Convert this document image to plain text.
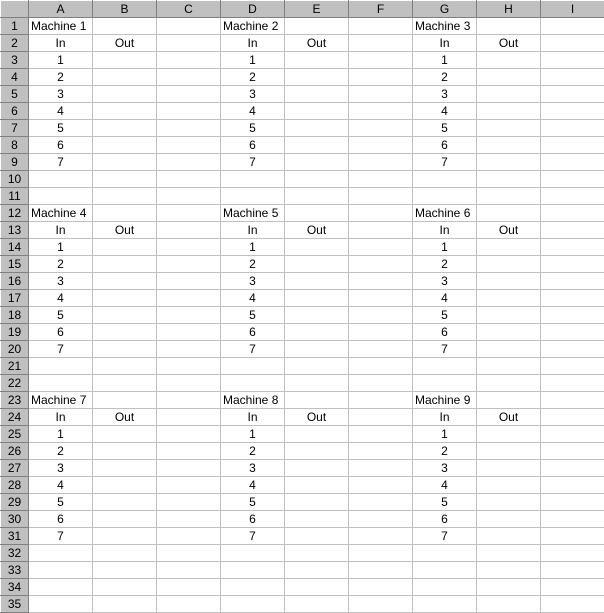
	A	B	C	D	E	F	G	H	I
1	Machine 1			Machine 2			Machine 3		
2	In	Out		In	Out		In	Out	
3	1			1			1		
4	2			2			2		
5	3			3			3		
6	4			4			4		
7	5			5			5		
8	6			6			6		
9	7			7			7		
10									
11									
12	Machine 4			Machine 5			Machine 6		
13	In	Out		In	Out		In	Out	
14	1			1			1		
15	2			2			2		
16	3			3			3		
17	4			4			4		
18	5			5			5		
19	6			6			6		
20	7			7			7		
21									
22									
23	Machine 7			Machine 8			Machine 9		
24	In	Out		In	Out		In	Out	
25	1			1			1		
26	2			2			2		
27	3			3			3		
28	4			4			4		
29	5			5			5		
30	6			6			6		
31	7			7			7		
32									
33									
34									
35									
